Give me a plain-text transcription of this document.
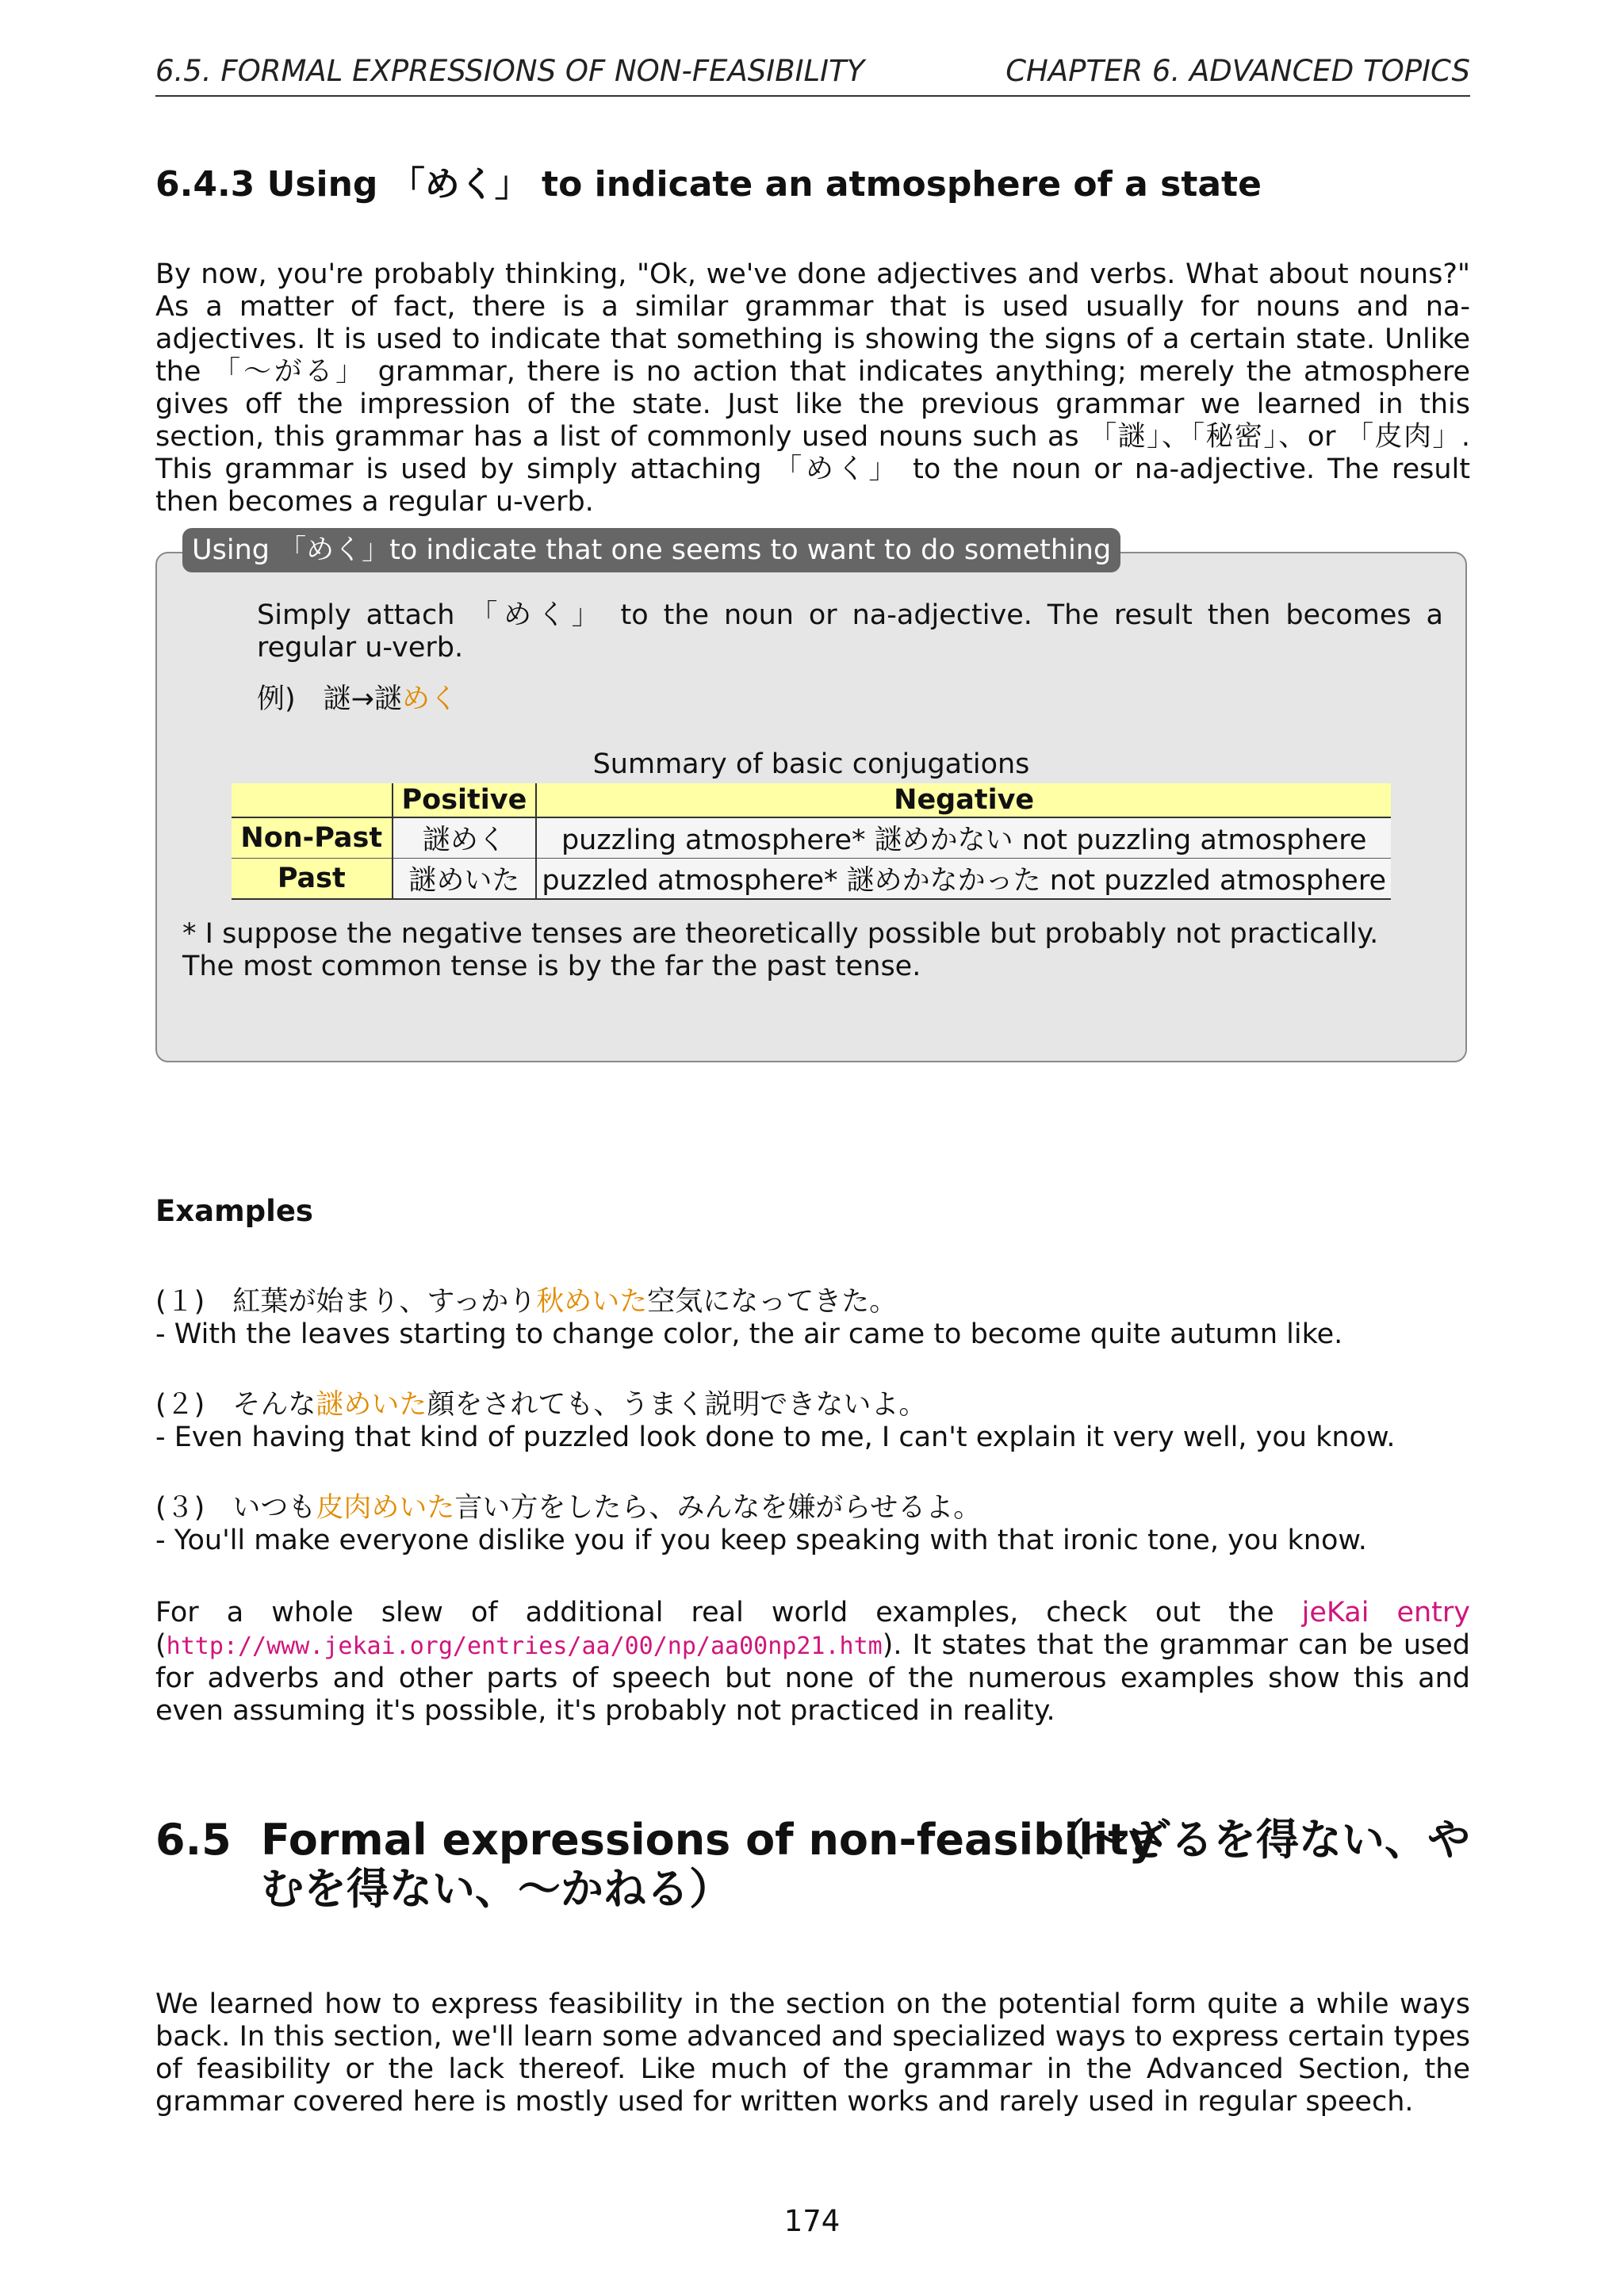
6.5. FORMAL EXPRESSIONS OF NON-FEASIBILITY	CHAPTER 6. ADVANCED TOPICS
6.4.3 Using 「めく」 to indicate an atmosphere of a state

By now, you're probably thinking, "Ok, we've done adjectives and verbs. What about nouns?" As a matter of fact, there is a similar grammar that is used usually for nouns and na-adjectives. It is used to indicate that something is showing the signs of a certain state. Unlike the 「～がる」 grammar, there is no action that indicates anything; merely the atmosphere gives off the impression of the state. Just like the previous grammar we learned in this section, this grammar has a list of commonly used nouns such as 「謎」、「秘密」、or 「皮肉」. This grammar is used by simply attaching 「めく」 to the noun or na-adjective. The result then becomes a regular u-verb.

Using 「めく」to indicate that one seems to want to do something
Simply attach 「めく」 to the noun or na-adjective. The result then becomes a regular u-verb.
例)　謎→謎めく
Summary of basic conjugations
	Positive	Negative
Non-Past	謎めく	puzzling atmosphere* 謎めかない not puzzling atmosphere
Past	謎めいた	puzzled atmosphere* 謎めかなかった not puzzled atmosphere
* I suppose the negative tenses are theoretically possible but probably not practically.
The most common tense is by the far the past tense.
Examples
(１)　 紅葉が始まり、すっかり秋めいた空気になってきた。
- With the leaves starting to change color, the air came to become quite autumn like.
(２)　 そんな謎めいた顔をされても、うまく説明できないよ。
- Even having that kind of puzzled look done to me, I can't explain it very well, you know.
(３)　 いつも皮肉めいた言い方をしたら、みんなを嫌がらせるよ。
- You'll make everyone dislike you if you keep speaking with that ironic tone, you know.

For a whole slew of additional real world examples, check out the jeKai entry (http://www.jekai.org/entries/aa/00/np/aa00np21.htm). It states that the grammar can be used for adverbs and other parts of speech but none of the numerous examples show this and even assuming it's possible, it's probably not practiced in reality.

6.5 Formal expressions of non-feasibility
（～ざるを得ない、や
むを得ない、～かねる）

We learned how to express feasibility in the section on the potential form quite a while ways back. In this section, we'll learn some advanced and specialized ways to express certain types of feasibility or the lack thereof. Like much of the grammar in the Advanced Section, the grammar covered here is mostly used for written works and rarely used in regular speech.

174
